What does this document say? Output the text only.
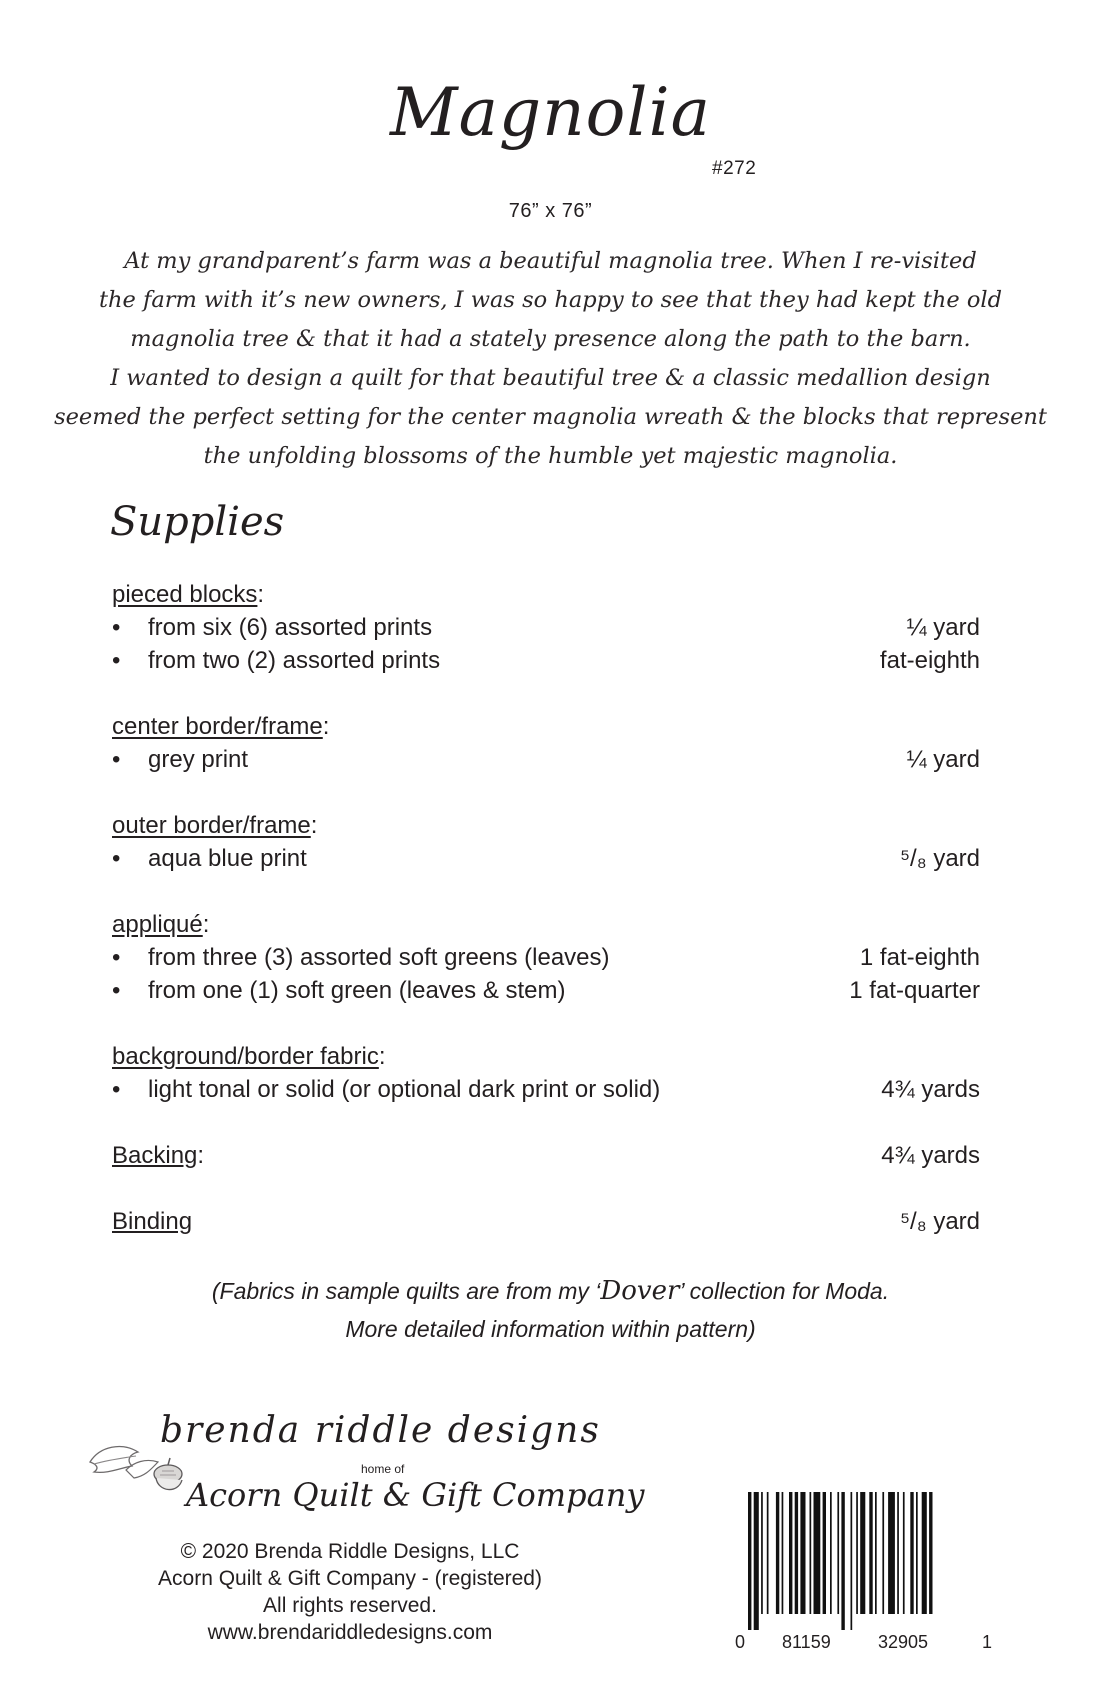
Magnolia
#272
76” x 76”
At my grandparent’s farm was a beautiful magnolia tree. When I re-visited
the farm with it’s new owners, I was so happy to see that they had kept the old
magnolia tree & that it had a stately presence along the path to the barn.
I wanted to design a quilt for that beautiful tree & a classic medallion design
seemed the perfect setting for the center magnolia wreath & the blocks that represent
the unfolding blossoms of the humble yet majestic magnolia.
Supplies
pieced blocks:
• from six (6) assorted prints	¼ yard
• from two (2) assorted prints	fat-eighth
center border/frame:
• grey print	¼ yard
outer border/frame:
• aqua blue print	⁵/₈ yard
appliqué:
• from three (3) assorted soft greens (leaves)	1 fat-eighth
• from one (1) soft green (leaves & stem)	1 fat-quarter
background/border fabric:
• light tonal or solid (or optional dark print or solid)	4¾ yards
Backing:	4¾ yards
Binding	⁵/₈ yard
(Fabrics in sample quilts are from my ‘Dover’ collection for Moda.
More detailed information within pattern)
brenda riddle designs
home of
Acorn Quilt & Gift Company
© 2020 Brenda Riddle Designs, LLC
Acorn Quilt & Gift Company - (registered)
All rights reserved.
www.brendariddledesigns.com	0 81159	32905	1
